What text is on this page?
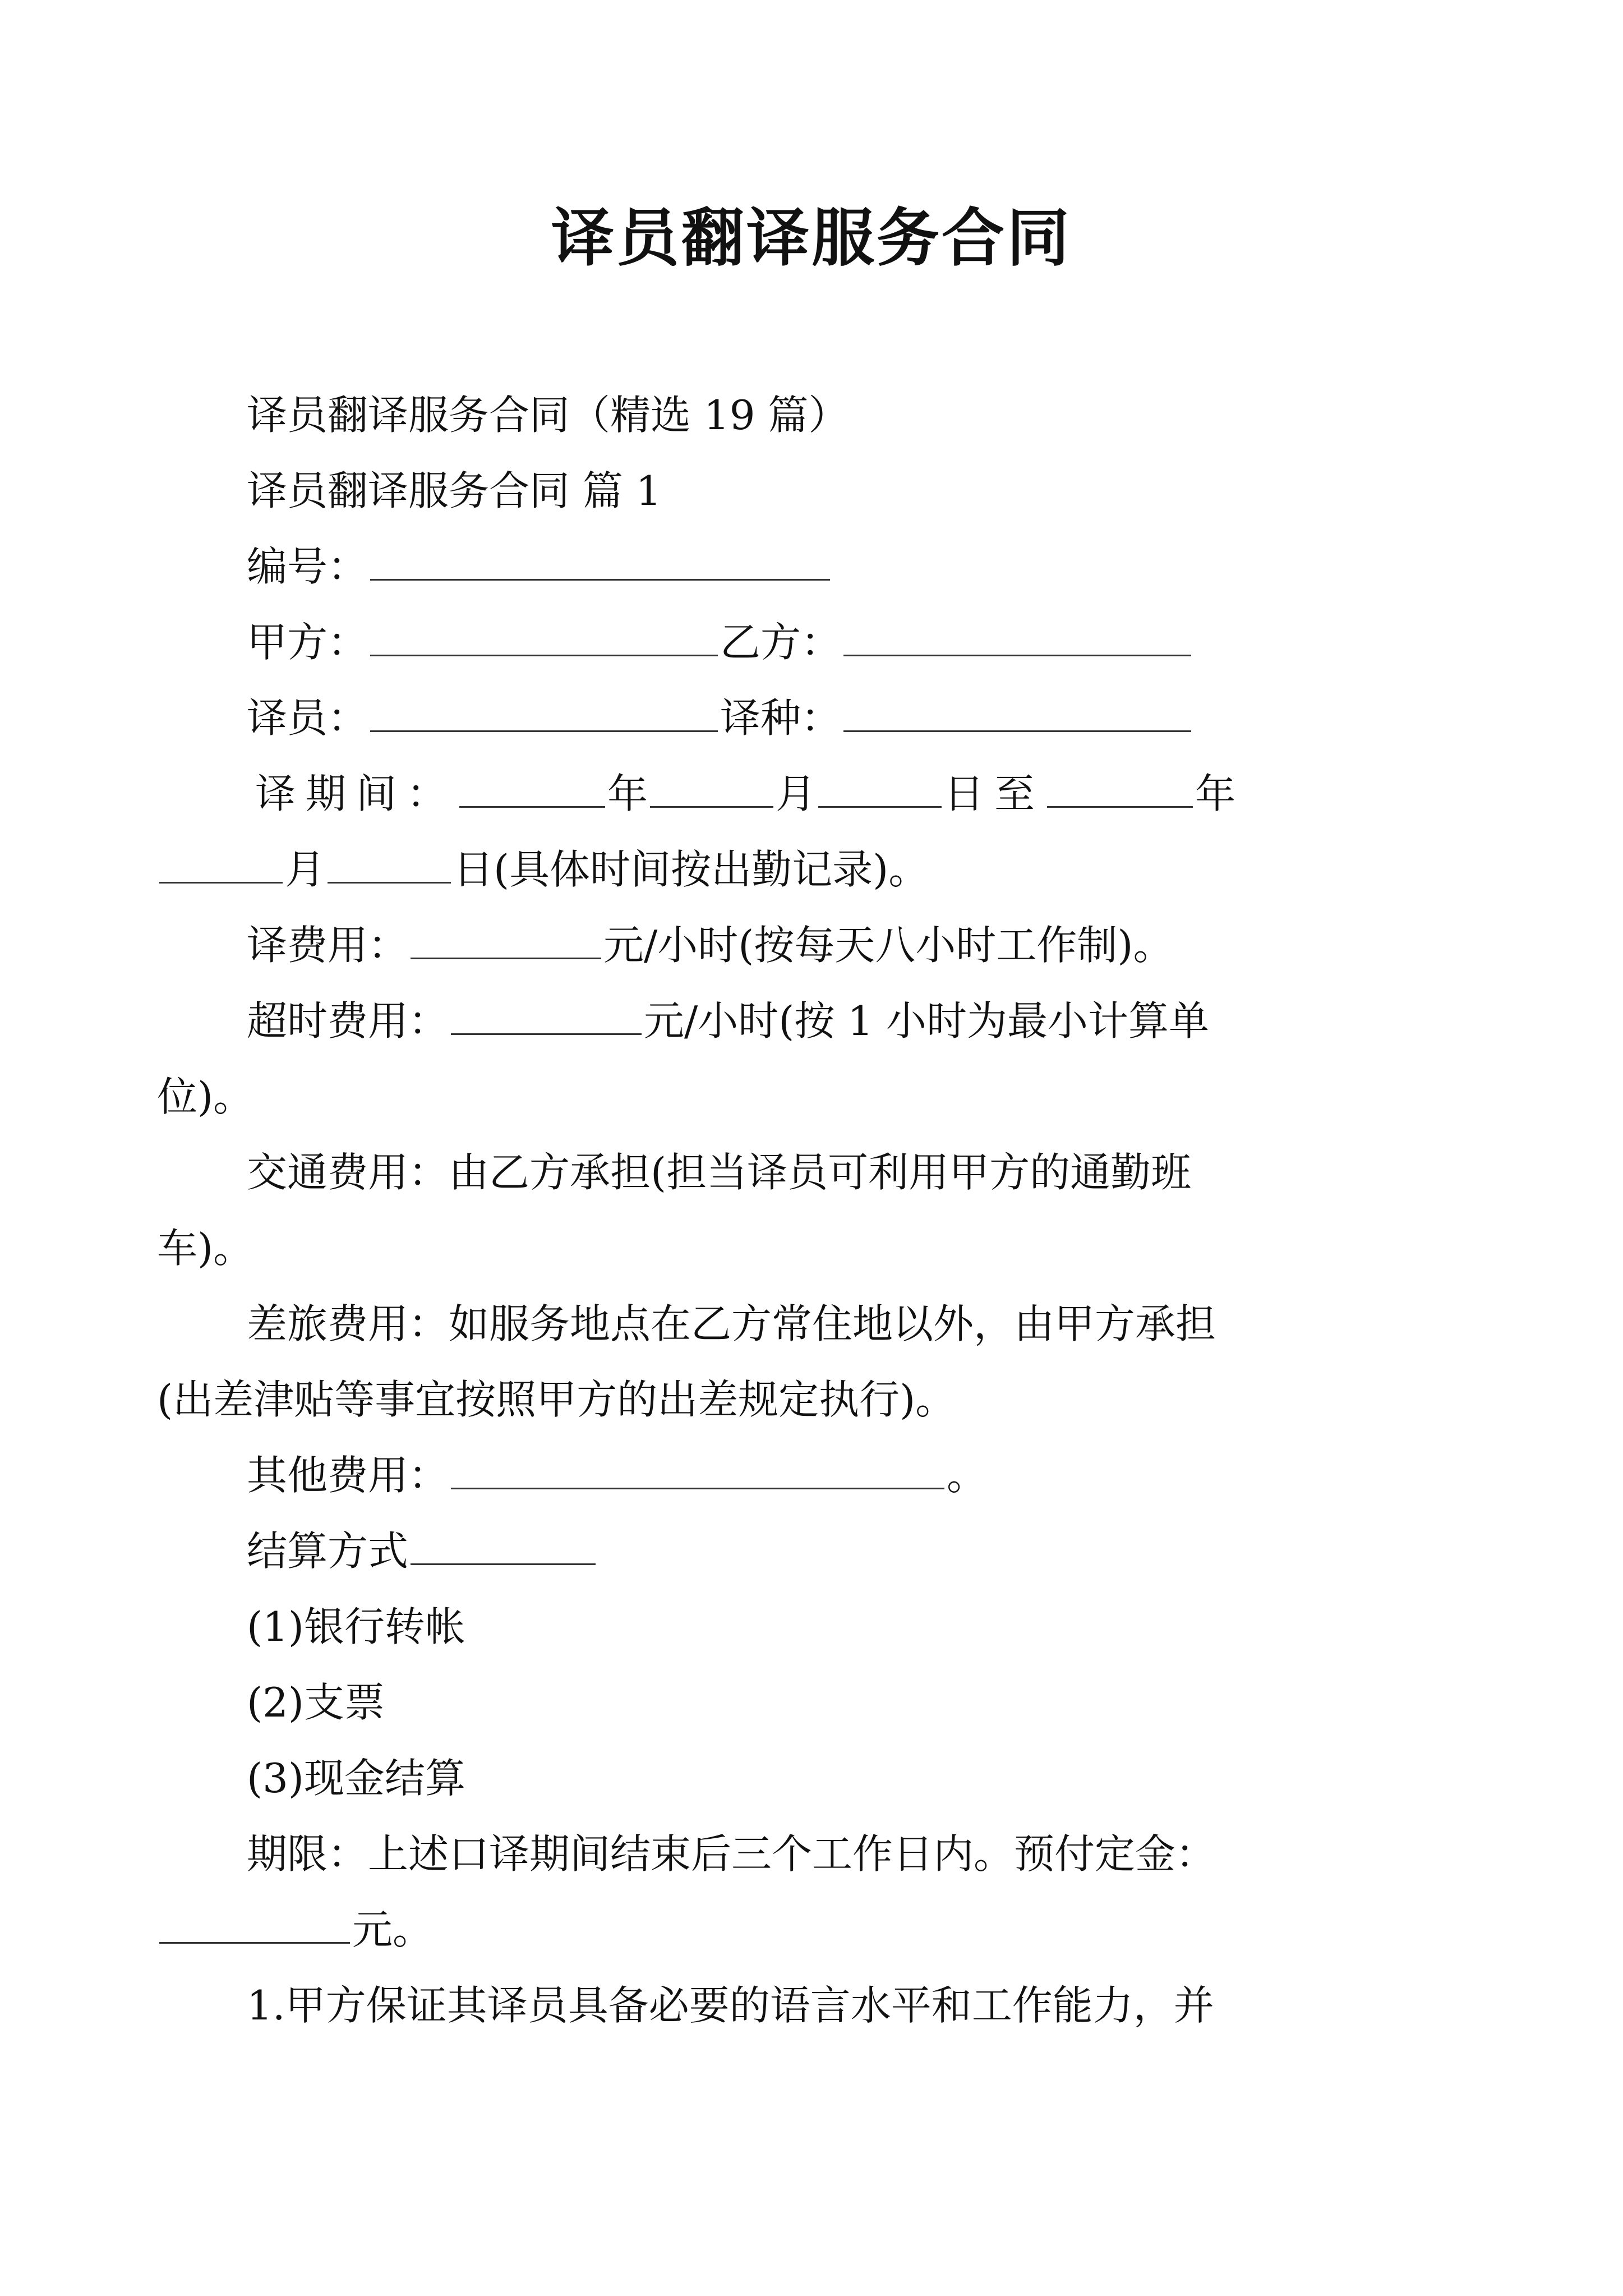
译员翻译服务合同
译员翻译服务合同（精选 19 篇）
译员翻译服务合同 篇 1
编号：
甲方：	乙方：
译员：	译种：
译期间：	年	月	日至	年
月	日(具体时间按出勤记录)。
译费用：	元/小时(按每天八小时工作制)。
超时费用：	元/小时(按 1 小时为最小计算单
位)。
交通费用：由乙方承担(担当译员可利用甲方的通勤班
车)。
差旅费用：如服务地点在乙方常住地以外，由甲方承担
(出差津贴等事宜按照甲方的出差规定执行)。
其他费用：	。
结算方式
(1)银行转帐
(2)支票
(3)现金结算
期限：上述口译期间结束后三个工作日内。预付定金：
元。
1.甲方保证其译员具备必要的语言水平和工作能力，并
